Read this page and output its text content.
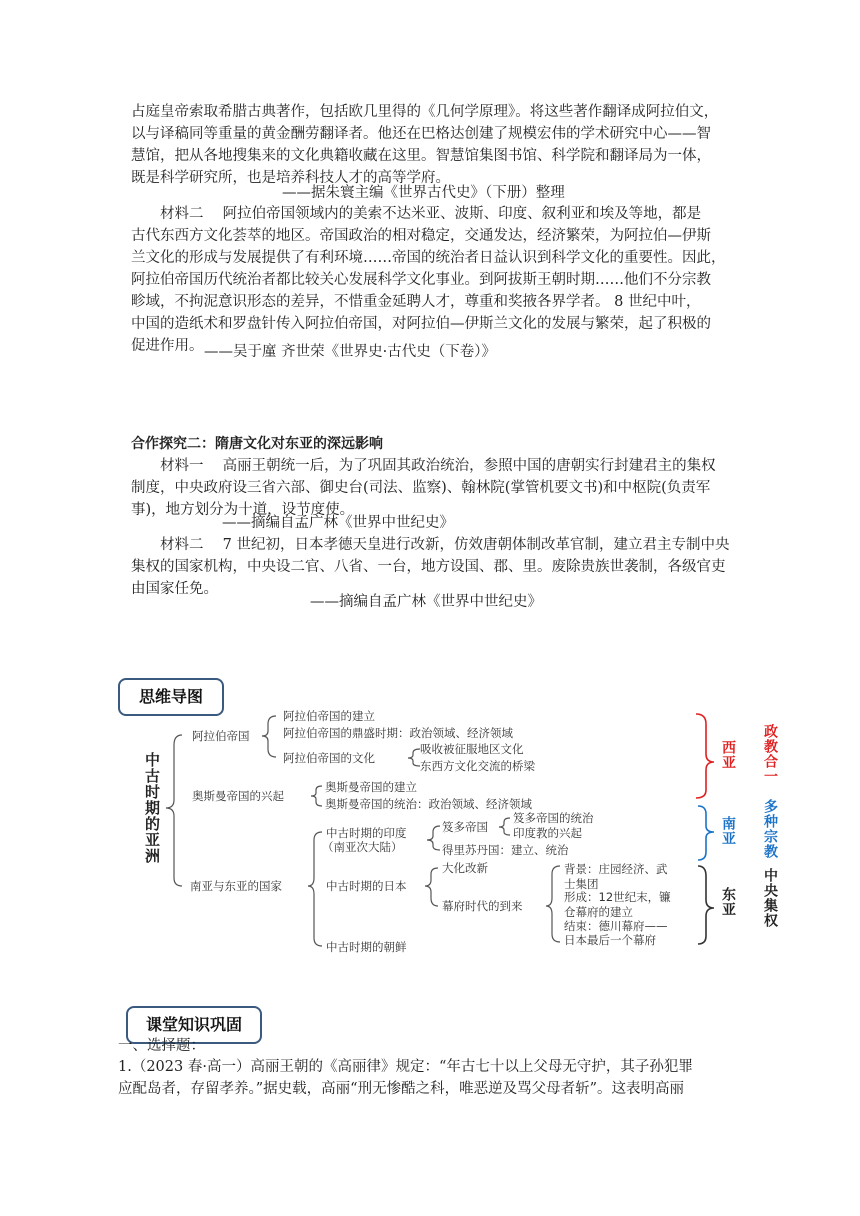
占庭皇帝索取希腊古典著作，包括欧几里得的《几何学原理》。将这些著作翻译成阿拉伯文，
以与译稿同等重量的黄金酬劳翻译者。他还在巴格达创建了规模宏伟的学术研究中心——智
慧馆，把从各地搜集来的文化典籍收藏在这里。智慧馆集图书馆、科学院和翻译局为一体，
既是科学研究所，也是培养科技人才的高等学府。
——据朱寰主编《世界古代史》（下册）整理
材料二　 阿拉伯帝国领域内的美索不达米亚、波斯、印度、叙利亚和埃及等地，都是
古代东西方文化荟萃的地区。帝国政治的相对稳定，交通发达，经济繁荣，为阿拉伯—伊斯
兰文化的形成与发展提供了有利环境……帝国的统治者日益认识到科学文化的重要性。因此，
阿拉伯帝国历代统治者都比较关心发展科学文化事业。到阿拔斯王朝时期……他们不分宗教
畛域，不拘泥意识形态的差异，不惜重金延聘人才，尊重和奖掖各界学者。 8 世纪中叶，
中国的造纸术和罗盘针传入阿拉伯帝国，对阿拉伯—伊斯兰文化的发展与繁荣，起了积极的
促进作用。 ——吴于廑 齐世荣《世界史·古代史（下卷）》
合作探究二：隋唐文化对东亚的深远影响
材料一　 高丽王朝统一后，为了巩固其政治统治，参照中国的唐朝实行封建君主的集权
制度，中央政府设三省六部、御史台(司法、监察)、翰林院(掌管机要文书)和中枢院(负责军
事)，地方划分为十道，设节度使。
——摘编自孟广林《世界中世纪史》
材料二　 7 世纪初，日本孝德天皇进行改新，仿效唐朝体制改革官制，建立君主专制中央
集权的国家机构，中央设二官、八省、一台，地方设国、郡、里。废除贵族世袭制，各级官吏
由国家任免。
——摘编自孟广林《世界中世纪史》
思维导图
中古时期的亚洲
阿拉伯帝国
阿拉伯帝国的建立
阿拉伯帝国的鼎盛时期：政治领域、经济领域
阿拉伯帝国的文化
吸收被征服地区文化
东西方文化交流的桥梁
奥斯曼帝国的兴起
奥斯曼帝国的建立
奥斯曼帝国的统治：政治领域、经济领域
南亚与东亚的国家
中古时期的印度
（南亚次大陆）
笈多帝国
笈多帝国的统治
印度教的兴起
得里苏丹国：建立、统治
中古时期的日本
大化改新
幕府时代的到来
背景：庄园经济、武
士集团
形成：12世纪末，镰
仓幕府的建立
结束：德川幕府——
日本最后一个幕府
中古时期的朝鲜
西亚
南亚
东亚
政教合一
多种宗教
中央集权
课堂知识巩固
一、选择题：
1.（2023 春·高一）高丽王朝的《高丽律》规定：“年古七十以上父母无守护，其子孙犯罪
应配岛者，存留孝养。”据史载，高丽“刑无惨酷之科，唯恶逆及骂父母者斩”。这表明高丽
